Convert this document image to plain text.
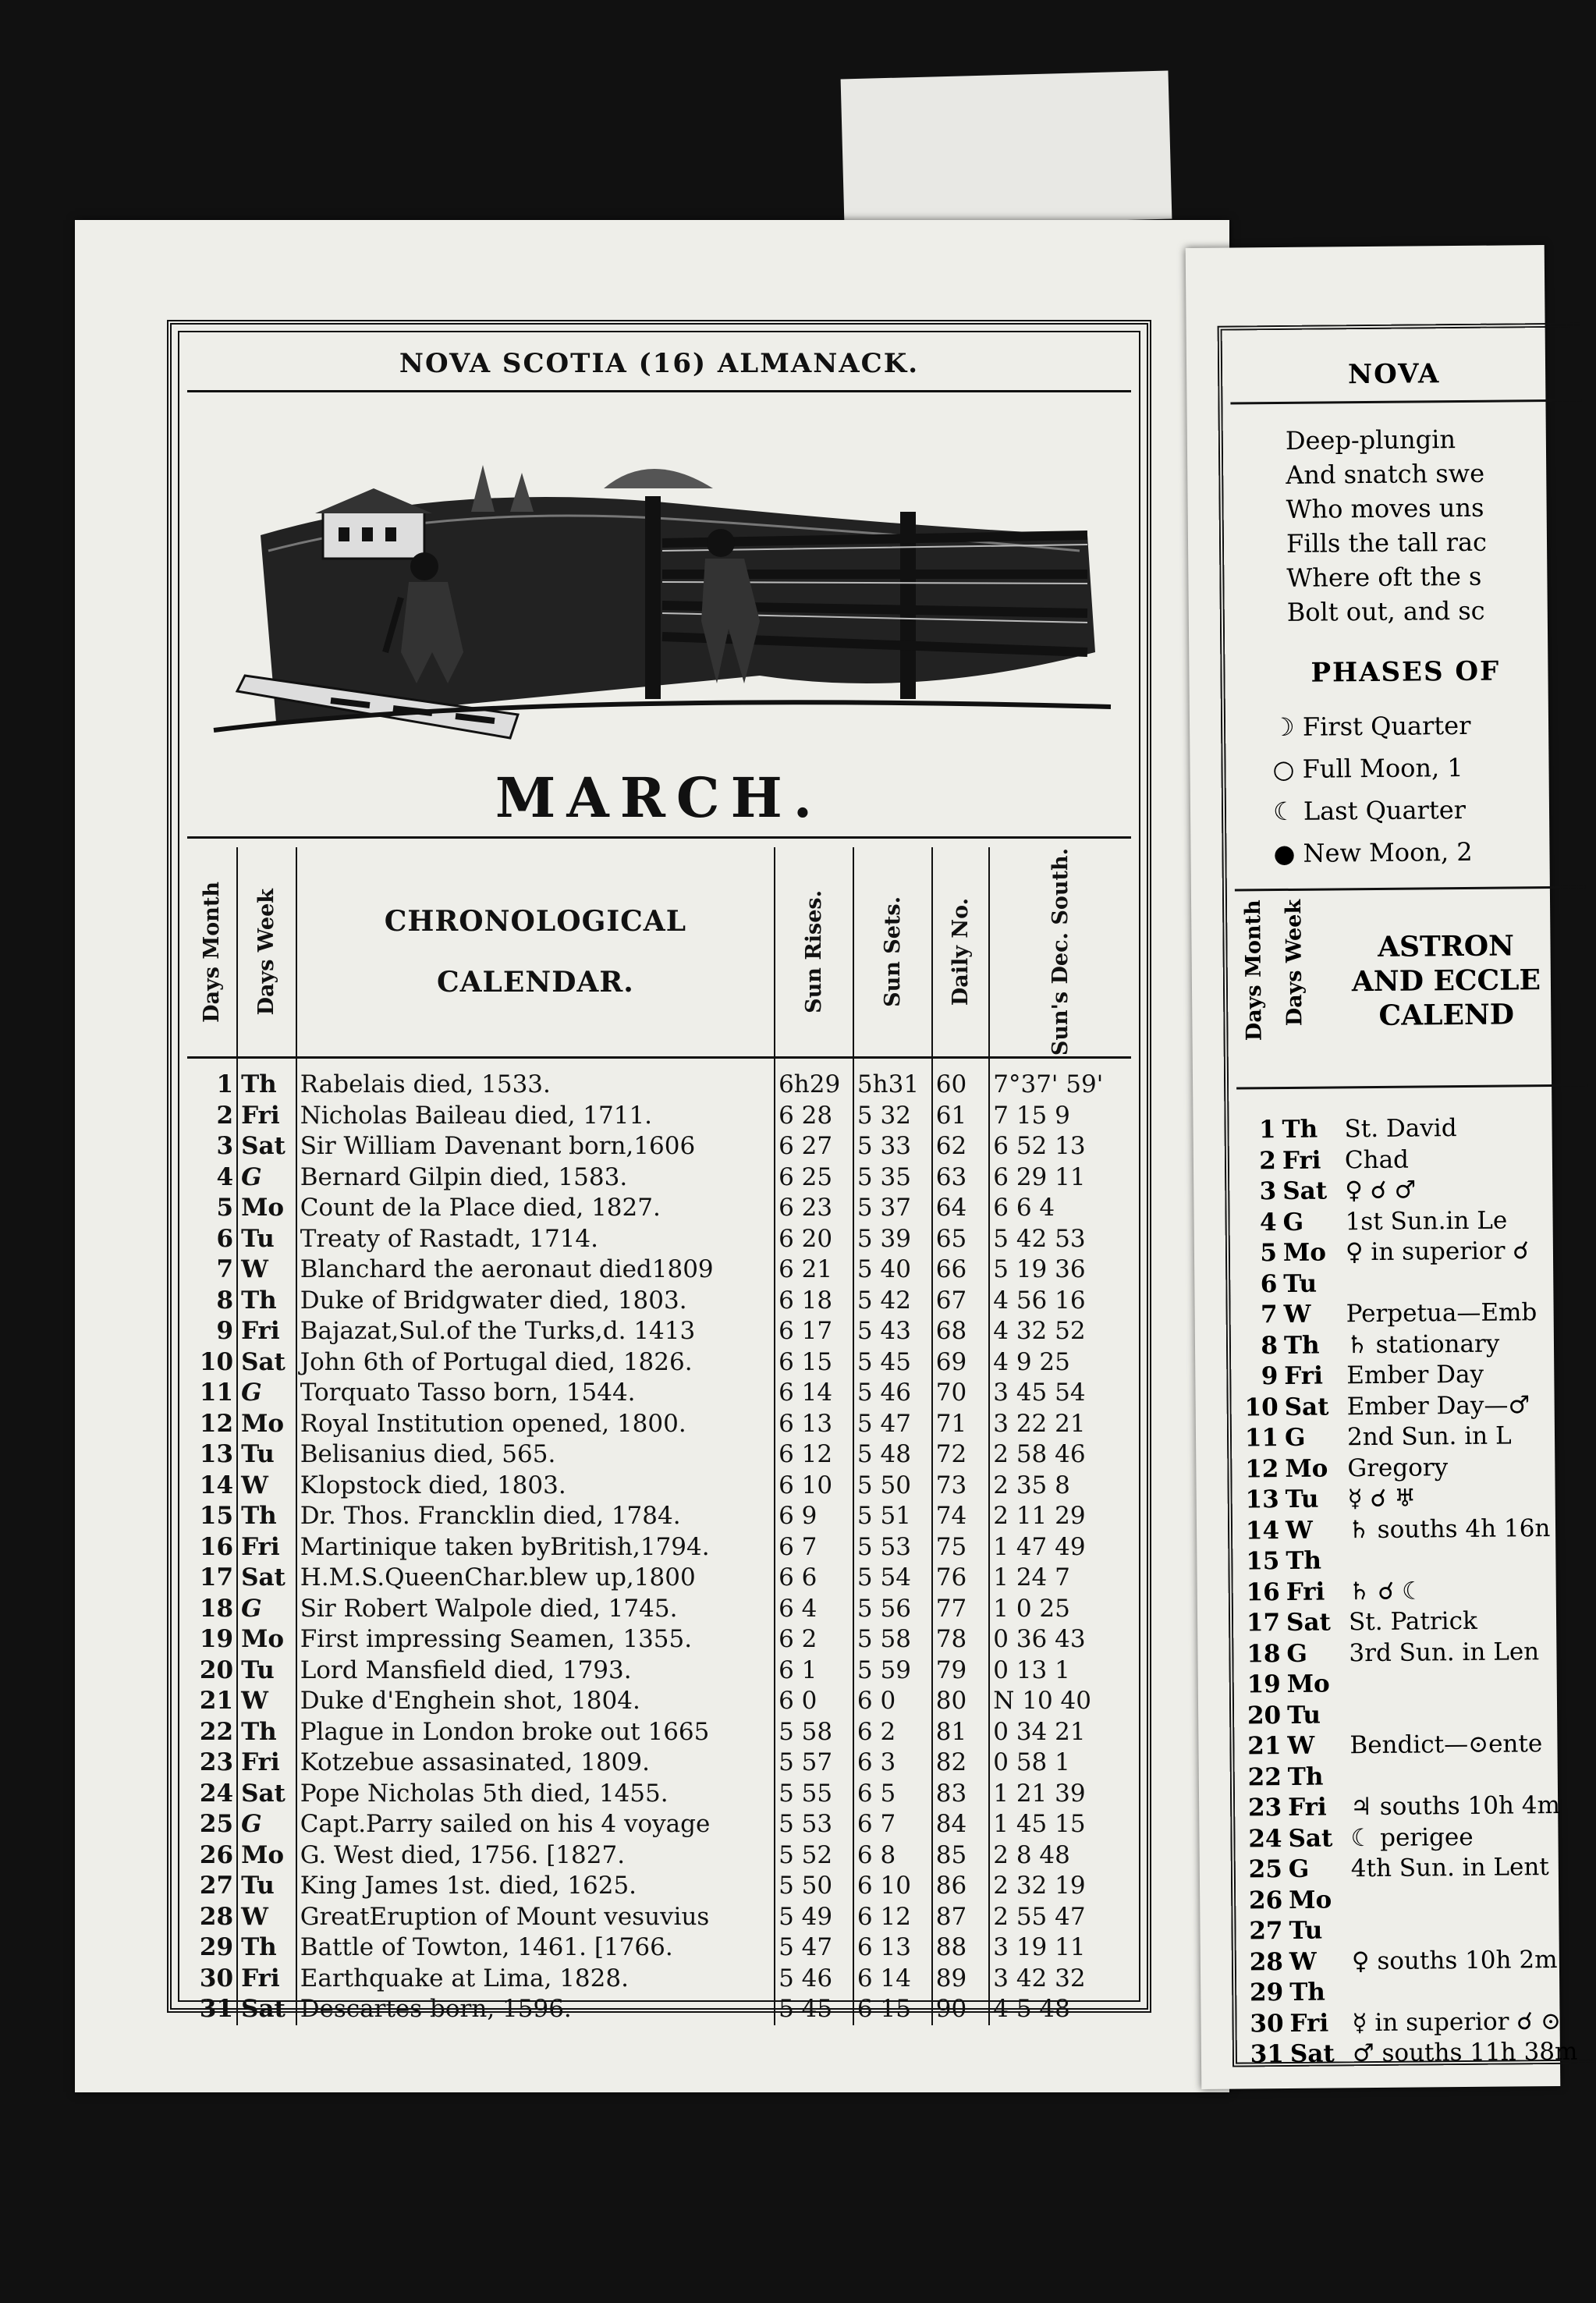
NOVA SCOTIA (16) ALMANACK.
MARCH.
Days Month	Days Week	CHRONOLOGICAL
CALENDAR.	Sun Rises.	Sun Sets.	Daily No.	Sun's Dec. South.

1	Th	Rabelais died, 1533.	6h29	5h31	60	7°37' 59'
2	Fri	Nicholas Baileau died, 1711.	6 28	5 32	61	7 15 9
3	Sat	Sir William Davenant born,1606	6 27	5 33	62	6 52 13
4	G	Bernard Gilpin died, 1583.	6 25	5 35	63	6 29 11
5	Mo	Count de la Place died, 1827.	6 23	5 37	64	6 6 4
6	Tu	Treaty of Rastadt, 1714.	6 20	5 39	65	5 42 53
7	W	Blanchard the aeronaut died1809	6 21	5 40	66	5 19 36
8	Th	Duke of Bridgwater died, 1803.	6 18	5 42	67	4 56 16
9	Fri	Bajazat,Sul.of the Turks,d. 1413	6 17	5 43	68	4 32 52
10	Sat	John 6th of Portugal died, 1826.	6 15	5 45	69	4 9 25
11	G	Torquato Tasso born, 1544.	6 14	5 46	70	3 45 54
12	Mo	Royal Institution opened, 1800.	6 13	5 47	71	3 22 21
13	Tu	Belisanius died, 565.	6 12	5 48	72	2 58 46
14	W	Klopstock died, 1803.	6 10	5 50	73	2 35 8
15	Th	Dr. Thos. Francklin died, 1784.	6 9	5 51	74	2 11 29
16	Fri	Martinique taken byBritish,1794.	6 7	5 53	75	1 47 49
17	Sat	H.M.S.QueenChar.blew up,1800	6 6	5 54	76	1 24 7
18	G	Sir Robert Walpole died, 1745.	6 4	5 56	77	1 0 25
19	Mo	First impressing Seamen, 1355.	6 2	5 58	78	0 36 43
20	Tu	Lord Mansfield died, 1793.	6 1	5 59	79	0 13 1
21	W	Duke d'Enghein shot, 1804.	6 0	6 0	80	N 10 40
22	Th	Plague in London broke out 1665	5 58	6 2	81	0 34 21
23	Fri	Kotzebue assasinated, 1809.	5 57	6 3	82	0 58 1
24	Sat	Pope Nicholas 5th died, 1455.	5 55	6 5	83	1 21 39
25	G	Capt.Parry sailed on his 4 voyage	5 53	6 7	84	1 45 15
26	Mo	G. West died, 1756. [1827.	5 52	6 8	85	2 8 48
27	Tu	King James 1st. died, 1625.	5 50	6 10	86	2 32 19
28	W	GreatEruption of Mount vesuvius	5 49	6 12	87	2 55 47
29	Th	Battle of Towton, 1461. [1766.	5 47	6 13	88	3 19 11
30	Fri	Earthquake at Lima, 1828.	5 46	6 14	89	3 42 32
31	Sat	Descartes born, 1596.	5 45	6 15	90	4 5 48
NOVA
Deep-plungin
And snatch swe
Who moves uns
Fills the tall rac
Where oft the s
Bolt out, and sc
PHASES OF
☽ First Quarter
○ Full Moon, 1
☾ Last Quarter
● New Moon, 2
Days Month Days Week	ASTRON
AND ECCLE
CALEND
1 Th St. David
2 Fri Chad
3 Sat ♀ ☌ ♂
4 G 1st Sun.in Le
5 Mo ♀ in superior ☌
6 Tu
7 W Perpetua—Emb
8 Th ♄ stationary
9 Fri Ember Day
10 Sat Ember Day—♂
11 G 2nd Sun. in L
12 Mo Gregory
13 Tu ☿ ☌ ♅
14 W ♄ souths 4h 16n
15 Th
16 Fri ♄ ☌ ☾
17 Sat St. Patrick
18 G 3rd Sun. in Len
19 Mo
20 Tu
21 W Bendict—⊙ente
22 Th
23 Fri ♃ souths 10h 4m
24 Sat ☾ perigee
25 G 4th Sun. in Lent
26 Mo
27 Tu
28 W ♀ souths 10h 2m
29 Th
30 Fri ☿ in superior ☌ ⊙
31 Sat ♂ souths 11h 38m
